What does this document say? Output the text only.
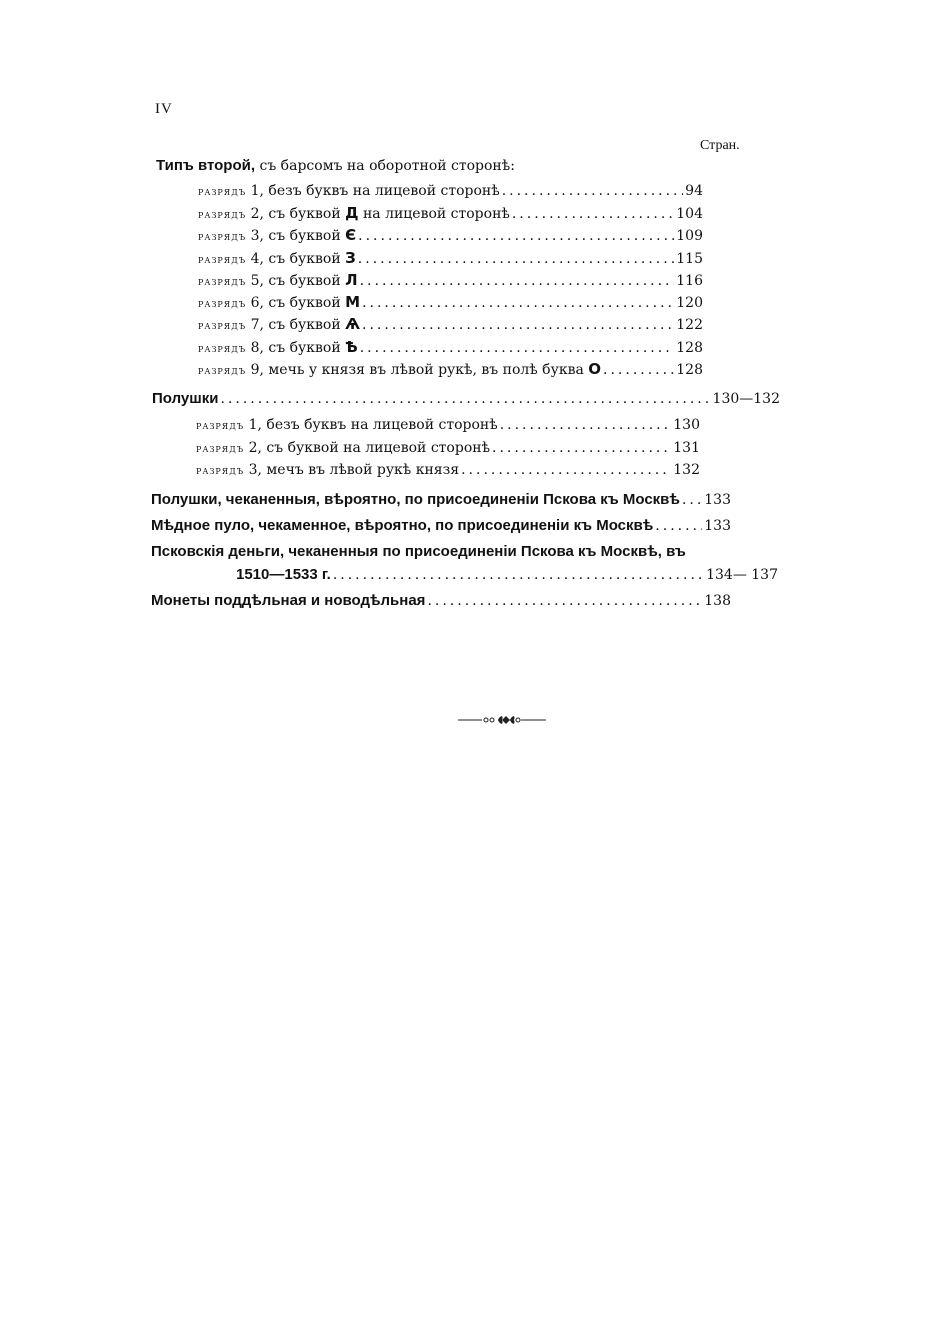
IV
Стран.
Типъ второй, съ барсомъ на оборотной сторонѣ:
разрядъ 1, безъ буквъ на лицевой сторонѣ .....	94
разрядъ 2, съ буквой Д на лицевой сторонѣ .....	104
разрядъ 3, съ буквой Є .....	109
разрядъ 4, съ буквой З .....	115
разрядъ 5, съ буквой Л .....	116
разрядъ 6, съ буквой М .....	120
разрядъ 7, съ буквой Ѧ .....	122
разрядъ 8, съ буквой Ѣ .....	128
разрядъ 9, мечь у князя въ лѣвой рукѣ, въ полѣ буква О .....	128
Полушки .....	130—132
разрядъ 1, безъ буквъ на лицевой сторонѣ .....	130
разрядъ 2, съ буквой на лицевой сторонѣ .....	131
разрядъ 3, мечъ въ лѣвой рукѣ князя .....	132
Полушки, чеканенныя, вѣроятно, по присоединенiи Пскова къ Москвѣ ..... 133
Мѣдное пуло, чекаменное, вѣроятно, по присоединенiи къ Москвѣ .....	133
Псковскiя деньги, чеканенныя по присоединенiи Пскова къ Москвѣ, въ
1510—1533 г. .....	134— 137
Монеты поддѣльная и новодѣльная .....	138
